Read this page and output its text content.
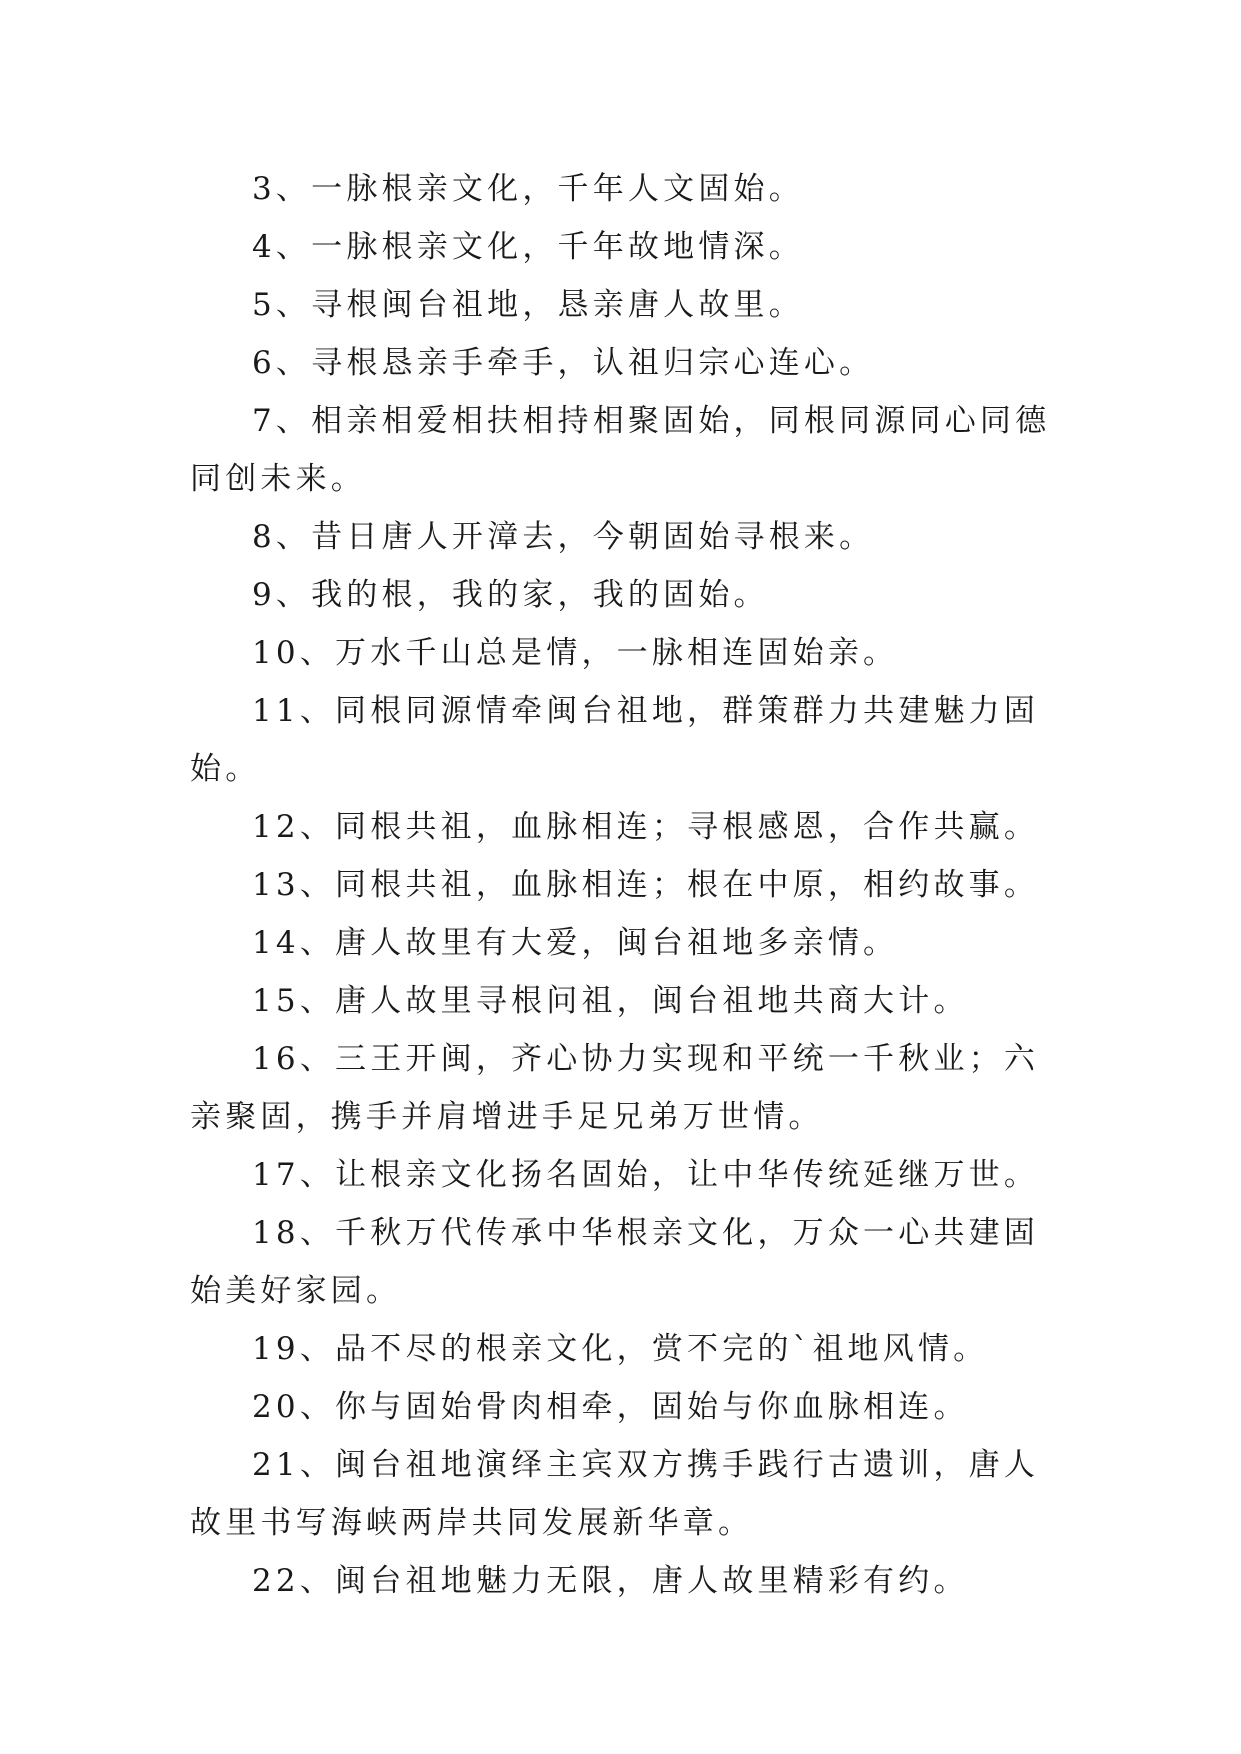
3、一脉根亲文化，千年人文固始。

4、一脉根亲文化，千年故地情深。

5、寻根闽台祖地，恳亲唐人故里。

6、寻根恳亲手牵手，认祖归宗心连心。

7、相亲相爱相扶相持相聚固始，同根同源同心同德同创未来。

8、昔日唐人开漳去，今朝固始寻根来。

9、我的根，我的家，我的固始。

10、万水千山总是情，一脉相连固始亲。

11、同根同源情牵闽台祖地，群策群力共建魅力固始。

12、同根共祖，血脉相连；寻根感恩，合作共赢。

13、同根共祖，血脉相连；根在中原，相约故事。

14、唐人故里有大爱，闽台祖地多亲情。

15、唐人故里寻根问祖，闽台祖地共商大计。

16、三王开闽，齐心协力实现和平统一千秋业；六亲聚固，携手并肩增进手足兄弟万世情。

17、让根亲文化扬名固始，让中华传统延继万世。

18、千秋万代传承中华根亲文化，万众一心共建固始美好家园。

19、品不尽的根亲文化，赏不完的`祖地风情。

20、你与固始骨肉相牵，固始与你血脉相连。

21、闽台祖地演绎主宾双方携手践行古遗训，唐人故里书写海峡两岸共同发展新华章。

22、闽台祖地魅力无限，唐人故里精彩有约。
